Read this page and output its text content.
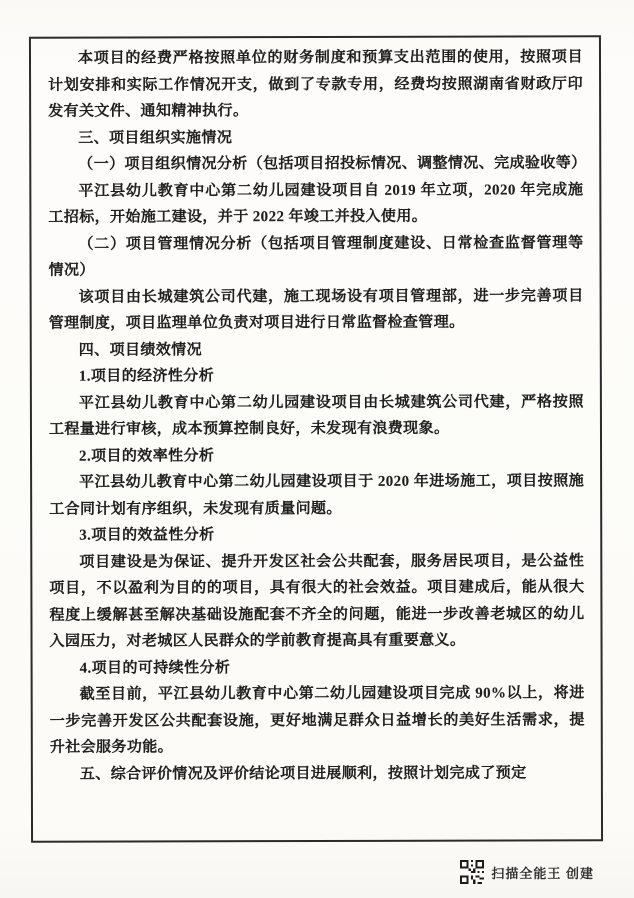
本项目的经费严格按照单位的财务制度和预算支出范围的使用，按照项目计划安排和实际工作情况开支，做到了专款专用，经费均按照湖南省财政厅印发有关文件、通知精神执行。

三、项目组织实施情况

（一）项目组织情况分析（包括项目招投标情况、调整情况、完成验收等）

平江县幼儿教育中心第二幼儿园建设项目自 2019 年立项，2020 年完成施工招标，开始施工建设，并于 2022 年竣工并投入使用。

（二）项目管理情况分析（包括项目管理制度建设、日常检查监督管理等情况）

该项目由长城建筑公司代建，施工现场设有项目管理部，进一步完善项目管理制度，项目监理单位负责对项目进行日常监督检查管理。

四、项目绩效情况

1.项目的经济性分析

平江县幼儿教育中心第二幼儿园建设项目由长城建筑公司代建，严格按照工程量进行审核，成本预算控制良好，未发现有浪费现象。

2.项目的效率性分析

平江县幼儿教育中心第二幼儿园建设项目于 2020 年进场施工，项目按照施工合同计划有序组织，未发现有质量问题。

3.项目的效益性分析

项目建设是为保证、提升开发区社会公共配套，服务居民项目，是公益性项目，不以盈利为目的的项目，具有很大的社会效益。项目建成后，能从很大程度上缓解甚至解决基础设施配套不齐全的问题，能进一步改善老城区的幼儿入园压力，对老城区人民群众的学前教育提高具有重要意义。

4.项目的可持续性分析

截至目前，平江县幼儿教育中心第二幼儿园建设项目完成 90%以上，将进一步完善开发区公共配套设施，更好地满足群众日益增长的美好生活需求，提升社会服务功能。

五、综合评价情况及评价结论项目进展顺利，按照计划完成了预定

扫描全能王 创建
